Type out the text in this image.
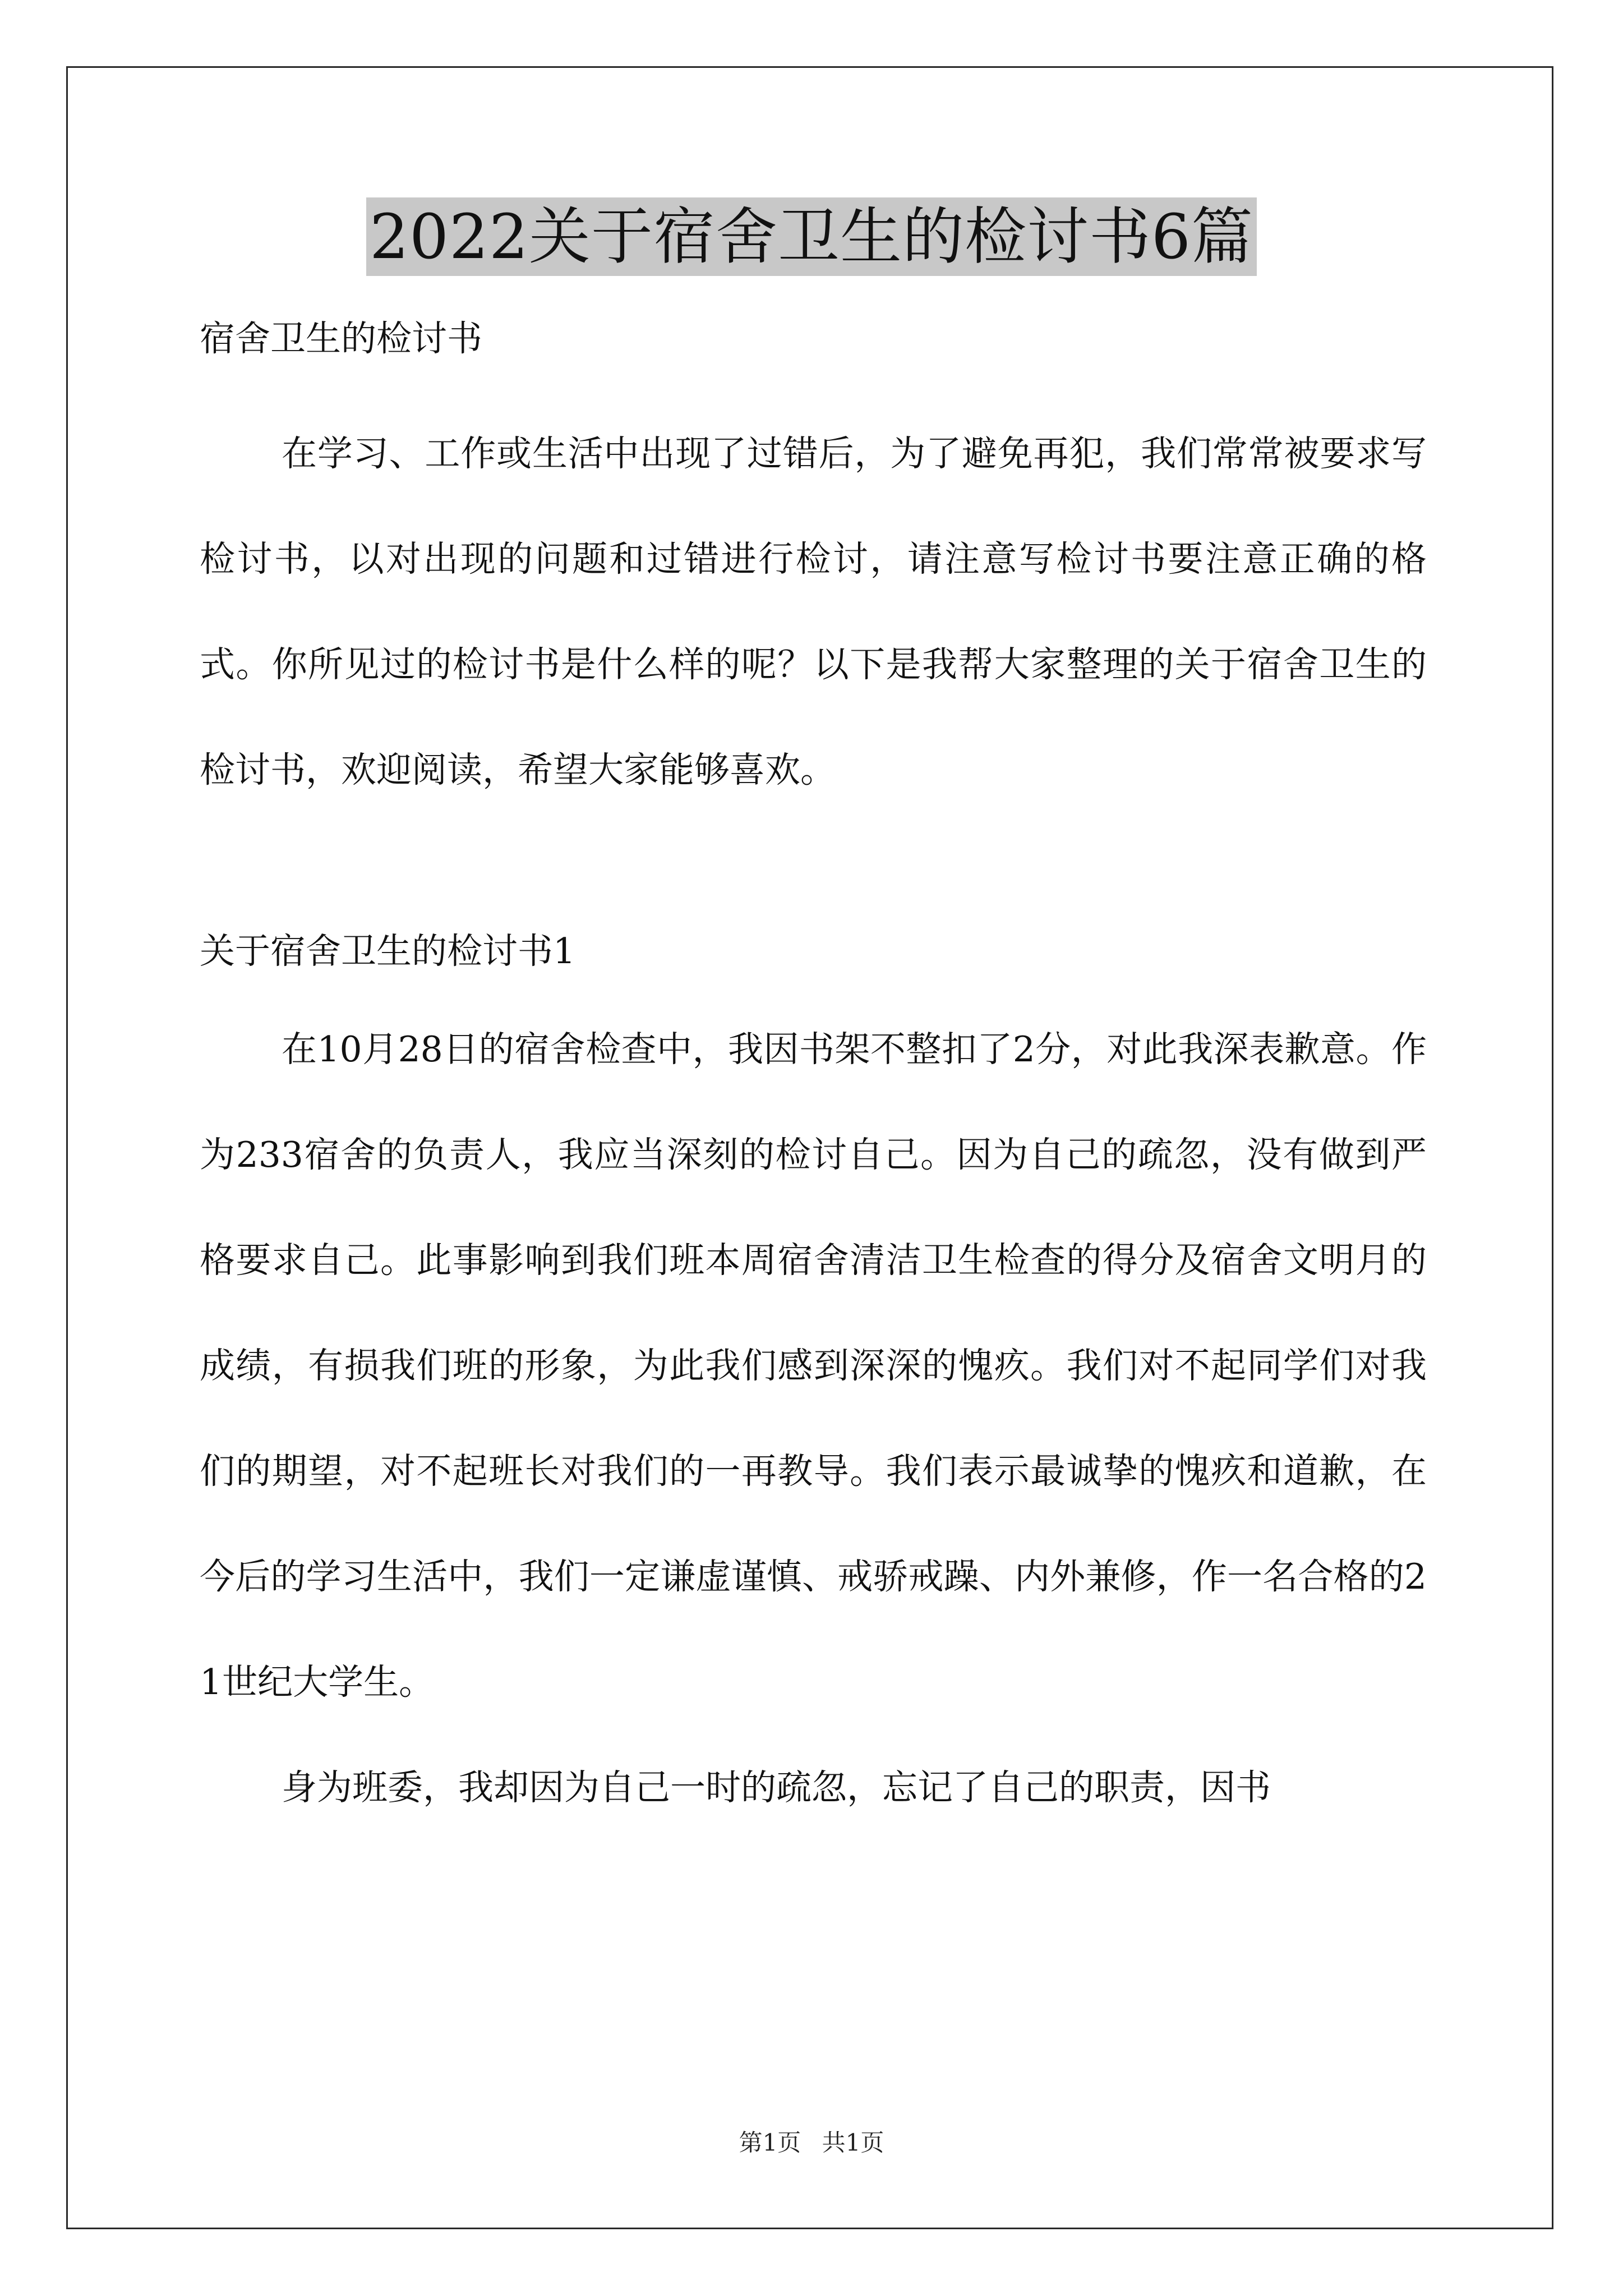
2022关于宿舍卫生的检讨书6篇
宿舍卫生的检讨书

在学习、工作或生活中出现了过错后，为了避免再犯，我们常常被要求写检讨书，以对出现的问题和过错进行检讨，请注意写检讨书要注意正确的格式。你所见过的检讨书是什么样的呢？以下是我帮大家整理的关于宿舍卫生的检讨书，欢迎阅读，希望大家能够喜欢。

关于宿舍卫生的检讨书1

在10月28日的宿舍检查中，我因书架不整扣了2分，对此我深表歉意。作为233宿舍的负责人，我应当深刻的检讨自己。因为自己的疏忽，没有做到严格要求自己。此事影响到我们班本周宿舍清洁卫生检查的得分及宿舍文明月的成绩，有损我们班的形象，为此我们感到深深的愧疚。我们对不起同学们对我们的期望，对不起班长对我们的一再教导。我们表示最诚挚的愧疚和道歉，在今后的学习生活中，我们一定谦虚谨慎、戒骄戒躁、内外兼修，作一名合格的21世纪大学生。

身为班委，我却因为自己一时的疏忽，忘记了自己的职责，因书

第1页 共1页
